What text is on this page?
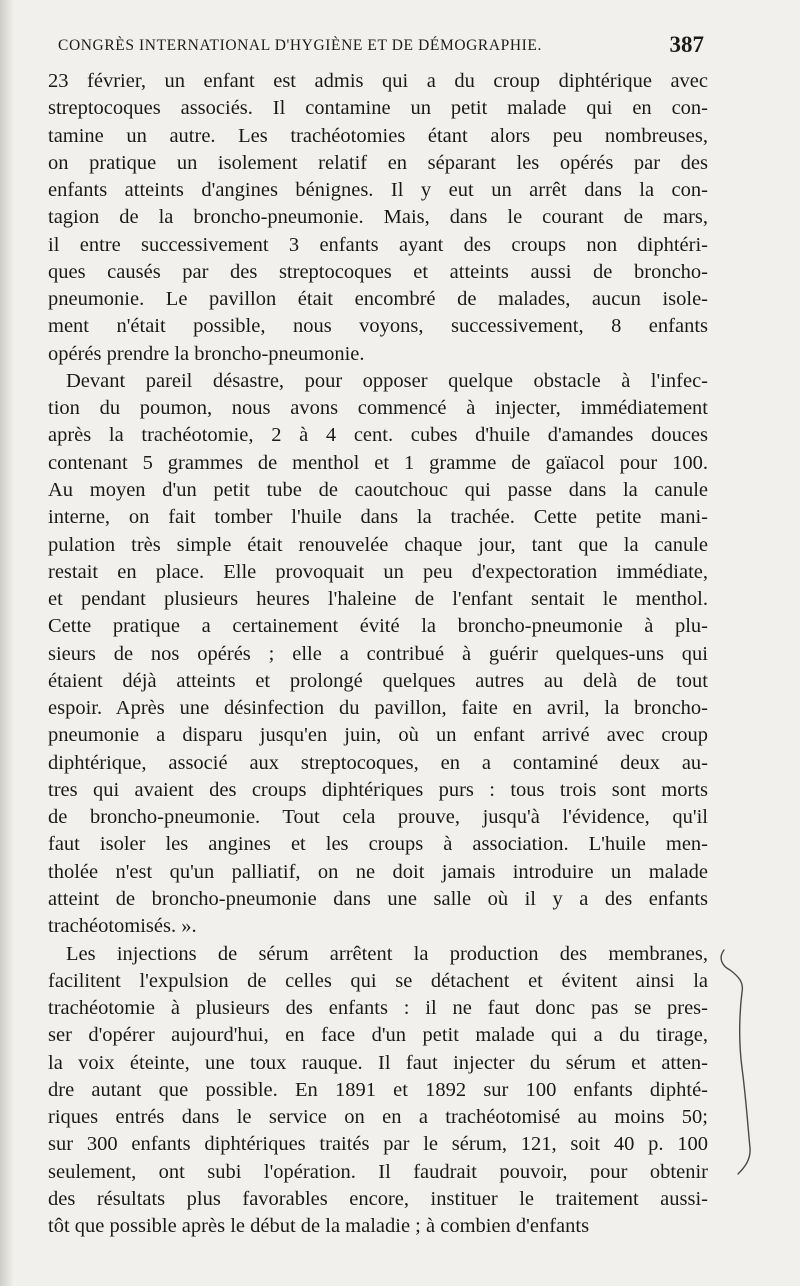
CONGRÈS INTERNATIONAL D'HYGIÈNE ET DE DÉMOGRAPHIE.	387
23 février, un enfant est admis qui a du croup diphtérique avec
streptocoques associés. Il contamine un petit malade qui en con-
tamine un autre. Les trachéotomies étant alors peu nombreuses,
on pratique un isolement relatif en séparant les opérés par des
enfants atteints d'angines bénignes. Il y eut un arrêt dans la con-
tagion de la broncho-pneumonie. Mais, dans le courant de mars,
il entre successivement 3 enfants ayant des croups non diphtéri-
ques causés par des streptocoques et atteints aussi de broncho-
pneumonie. Le pavillon était encombré de malades, aucun isole-
ment n'était possible, nous voyons, successivement, 8 enfants
opérés prendre la broncho-pneumonie.
Devant pareil désastre, pour opposer quelque obstacle à l'infec-
tion du poumon, nous avons commencé à injecter, immédiatement
après la trachéotomie, 2 à 4 cent. cubes d'huile d'amandes douces
contenant 5 grammes de menthol et 1 gramme de gaïacol pour 100.
Au moyen d'un petit tube de caoutchouc qui passe dans la canule
interne, on fait tomber l'huile dans la trachée. Cette petite mani-
pulation très simple était renouvelée chaque jour, tant que la canule
restait en place. Elle provoquait un peu d'expectoration immédiate,
et pendant plusieurs heures l'haleine de l'enfant sentait le menthol.
Cette pratique a certainement évité la broncho-pneumonie à plu-
sieurs de nos opérés ; elle a contribué à guérir quelques-uns qui
étaient déjà atteints et prolongé quelques autres au delà de tout
espoir. Après une désinfection du pavillon, faite en avril, la broncho-
pneumonie a disparu jusqu'en juin, où un enfant arrivé avec croup
diphtérique, associé aux streptocoques, en a contaminé deux au-
tres qui avaient des croups diphtériques purs : tous trois sont morts
de broncho-pneumonie. Tout cela prouve, jusqu'à l'évidence, qu'il
faut isoler les angines et les croups à association. L'huile men-
tholée n'est qu'un palliatif, on ne doit jamais introduire un malade
atteint de broncho-pneumonie dans une salle où il y a des enfants
trachéotomisés. ».
Les injections de sérum arrêtent la production des membranes,
facilitent l'expulsion de celles qui se détachent et évitent ainsi la
trachéotomie à plusieurs des enfants : il ne faut donc pas se pres-
ser d'opérer aujourd'hui, en face d'un petit malade qui a du tirage,
la voix éteinte, une toux rauque. Il faut injecter du sérum et atten-
dre autant que possible. En 1891 et 1892 sur 100 enfants diphté-
riques entrés dans le service on en a trachéotomisé au moins 50;
sur 300 enfants diphtériques traités par le sérum, 121, soit 40 p. 100
seulement, ont subi l'opération. Il faudrait pouvoir, pour obtenir
des résultats plus favorables encore, instituer le traitement aussi-
tôt que possible après le début de la maladie ; à combien d'enfants
